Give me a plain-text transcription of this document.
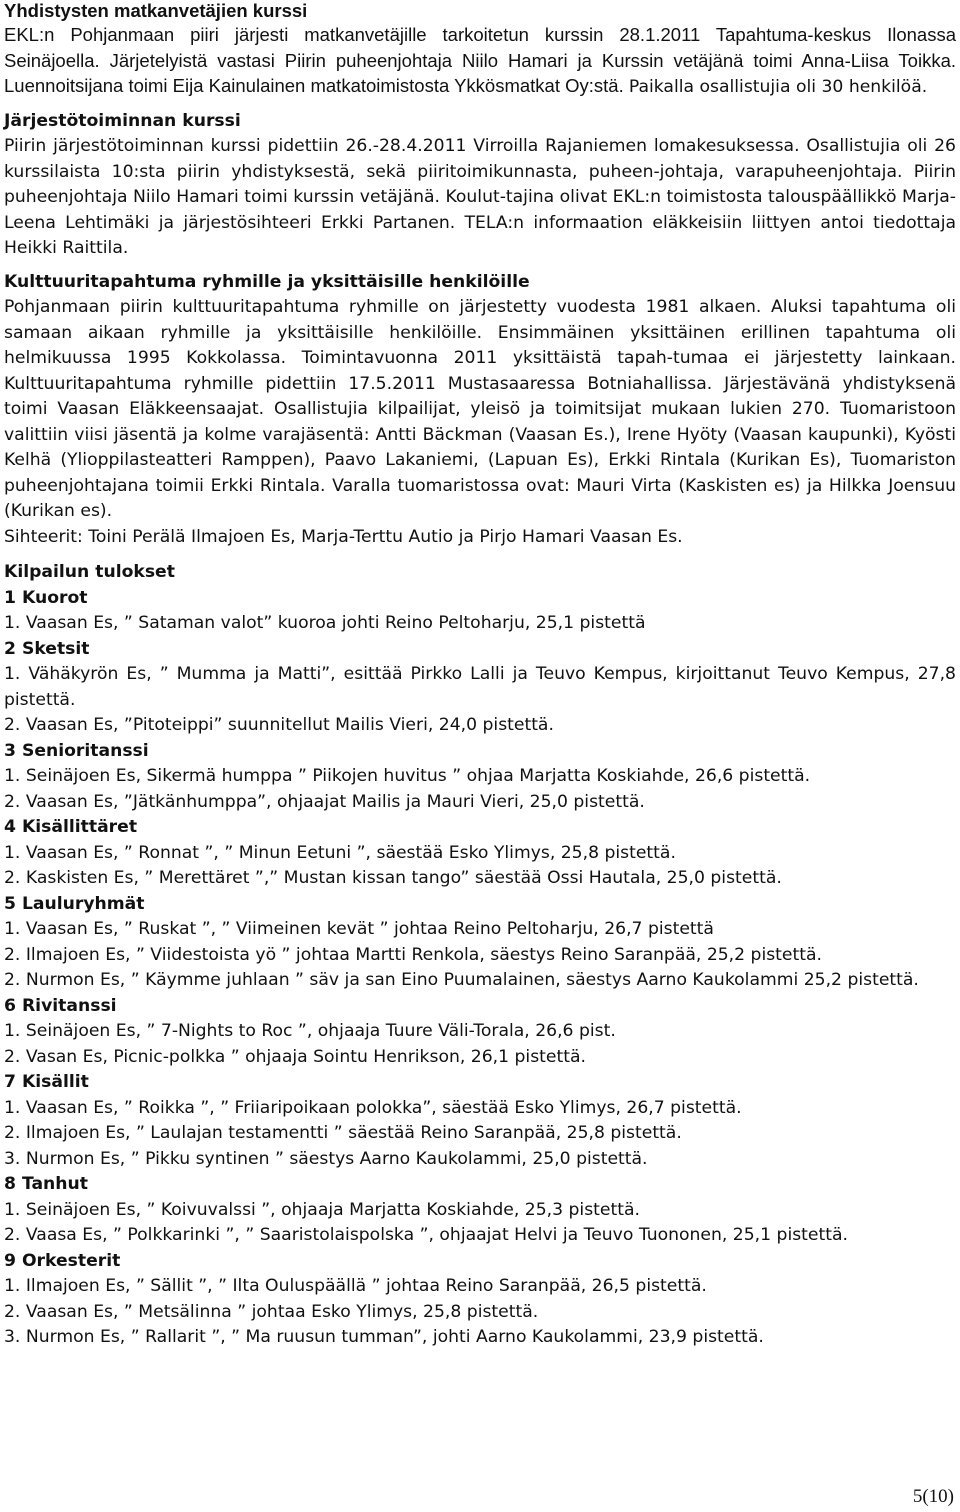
Yhdistysten matkanvetäjien kurssi

EKL:n Pohjanmaan piiri järjesti matkanvetäjille tarkoitetun kurssin 28.1.2011 Tapahtuma-keskus Ilonassa Seinäjoella. Järjetelyistä vastasi Piirin puheenjohtaja Niilo Hamari ja Kurssin vetäjänä toimi Anna-Liisa Toikka. Luennoitsijana toimi Eija Kainulainen matkatoimistosta Ykkösmatkat Oy:stä. Paikalla osallistujia oli 30 henkilöä.

Järjestötoiminnan kurssi

Piirin järjestötoiminnan kurssi pidettiin 26.-28.4.2011 Virroilla Rajaniemen lomakesuksessa. Osallistujia oli 26 kurssilaista 10:sta piirin yhdistyksestä, sekä piiritoimikunnasta, puheen-johtaja, varapuheenjohtaja. Piirin puheenjohtaja Niilo Hamari toimi kurssin vetäjänä. Koulut-tajina olivat EKL:n toimistosta talouspäällikkö Marja-Leena Lehtimäki ja järjestösihteeri Erkki Partanen. TELA:n informaation eläkkeisiin liittyen antoi tiedottaja Heikki Raittila.

Kulttuuritapahtuma ryhmille ja yksittäisille henkilöille

Pohjanmaan piirin kulttuuritapahtuma ryhmille on järjestetty vuodesta 1981 alkaen. Aluksi tapahtuma oli samaan aikaan ryhmille ja yksittäisille henkilöille. Ensimmäinen yksittäinen erillinen tapahtuma oli helmikuussa 1995 Kokkolassa. Toimintavuonna 2011 yksittäistä tapah-tumaa ei järjestetty lainkaan. Kulttuuritapahtuma ryhmille pidettiin 17.5.2011 Mustasaaressa Botniahallissa. Järjestävänä yhdistyksenä toimi Vaasan Eläkkeensaajat. Osallistujia kilpailijat, yleisö ja toimitsijat mukaan lukien 270. Tuomaristoon valittiin viisi jäsentä ja kolme varajäsentä: Antti Bäckman (Vaasan Es.), Irene Hyöty (Vaasan kaupunki), Kyösti Kelhä (Ylioppilasteatteri Ramppen), Paavo Lakaniemi, (Lapuan Es), Erkki Rintala (Kurikan Es), Tuomariston puheenjohtajana toimii Erkki Rintala. Varalla tuomaristossa ovat: Mauri Virta (Kaskisten es) ja Hilkka Joensuu (Kurikan es).

Sihteerit: Toini Perälä Ilmajoen Es, Marja-Terttu Autio ja Pirjo Hamari Vaasan Es.

Kilpailun tulokset
1 Kuorot

1. Vaasan Es, ” Sataman valot” kuoroa johti Reino Peltoharju, 25,1 pistettä

2 Sketsit

1. Vähäkyrön Es, ” Mumma ja Matti”, esittää Pirkko Lalli ja Teuvo Kempus, kirjoittanut Teuvo Kempus, 27,8 pistettä.

2. Vaasan Es, ”Pitoteippi” suunnitellut Mailis Vieri, 24,0 pistettä.

3 Senioritanssi

1. Seinäjoen Es, Sikermä humppa ” Piikojen huvitus ” ohjaa Marjatta Koskiahde, 26,6 pistettä.

2. Vaasan Es, ”Jätkänhumppa”, ohjaajat Mailis ja Mauri Vieri, 25,0 pistettä.

4 Kisällittäret

1. Vaasan Es, ” Ronnat ”, ” Minun Eetuni ”, säestää Esko Ylimys, 25,8 pistettä.

2. Kaskisten Es, ” Merettäret ”,” Mustan kissan tango” säestää Ossi Hautala, 25,0 pistettä.

5 Lauluryhmät

1. Vaasan Es, ” Ruskat ”, ” Viimeinen kevät ” johtaa Reino Peltoharju, 26,7 pistettä

2. Ilmajoen Es, ” Viidestoista yö ” johtaa Martti Renkola, säestys Reino Saranpää, 25,2 pistettä.

2. Nurmon Es, ” Käymme juhlaan ” säv ja san Eino Puumalainen, säestys Aarno Kaukolammi 25,2 pistettä.

6 Rivitanssi

1. Seinäjoen Es, ” 7-Nights to Roc ”, ohjaaja Tuure Väli-Torala, 26,6 pist.

2. Vasan Es, Picnic-polkka ” ohjaaja Sointu Henrikson, 26,1 pistettä.

7 Kisällit

1. Vaasan Es, ” Roikka ”, ” Friiaripoikaan polokka”, säestää Esko Ylimys, 26,7 pistettä.

2. Ilmajoen Es, ” Laulajan testamentti ” säestää Reino Saranpää, 25,8 pistettä.

3. Nurmon Es, ” Pikku syntinen ” säestys Aarno Kaukolammi, 25,0 pistettä.

8 Tanhut

1. Seinäjoen Es, ” Koivuvalssi ”, ohjaaja Marjatta Koskiahde, 25,3 pistettä.

2. Vaasa Es, ” Polkkarinki ”, ” Saaristolaispolska ”, ohjaajat Helvi ja Teuvo Tuononen, 25,1 pistettä.

9 Orkesterit

1. Ilmajoen Es, ” Sällit ”, ” Ilta Ouluspäällä ” johtaa Reino Saranpää, 26,5 pistettä.

2. Vaasan Es, ” Metsälinna ” johtaa Esko Ylimys, 25,8 pistettä.

3. Nurmon Es, ” Rallarit ”, ” Ma ruusun tumman”, johti Aarno Kaukolammi, 23,9 pistettä.

5(10)
